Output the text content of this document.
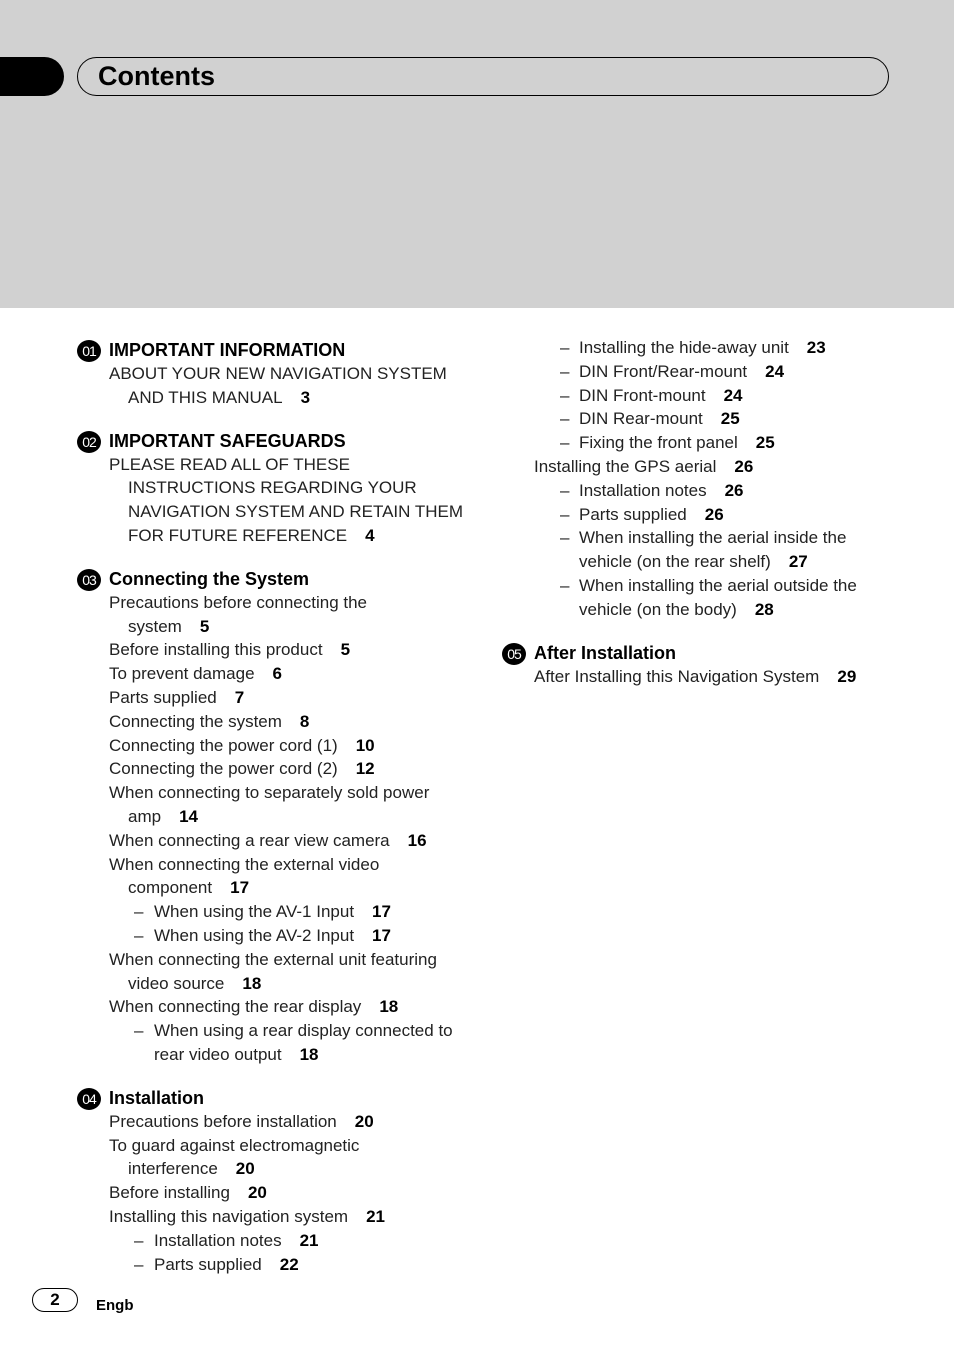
Contents
01 IMPORTANT INFORMATION
ABOUT YOUR NEW NAVIGATION SYSTEM
AND THIS MANUAL 3
02 IMPORTANT SAFEGUARDS
PLEASE READ ALL OF THESE
INSTRUCTIONS REGARDING YOUR
NAVIGATION SYSTEM AND RETAIN THEM
FOR FUTURE REFERENCE 4
03 Connecting the System
Precautions before connecting the
system 5
Before installing this product 5
To prevent damage 6
Parts supplied 7
Connecting the system 8
Connecting the power cord (1) 10
Connecting the power cord (2) 12
When connecting to separately sold power
amp 14
When connecting a rear view camera 16
When connecting the external video
component 17
– When using the AV-1 Input 17
– When using the AV-2 Input 17
When connecting the external unit featuring
video source 18
When connecting the rear display 18
– When using a rear display connected to
rear video output 18
04 Installation
Precautions before installation 20
To guard against electromagnetic
interference 20
Before installing 20
Installing this navigation system 21
– Installation notes 21
– Parts supplied 22
– Installing the hide-away unit 23
– DIN Front/Rear-mount 24
– DIN Front-mount 24
– DIN Rear-mount 25
– Fixing the front panel 25
Installing the GPS aerial 26
– Installation notes 26
– Parts supplied 26
– When installing the aerial inside the
vehicle (on the rear shelf) 27
– When installing the aerial outside the
vehicle (on the body) 28
05 After Installation
After Installing this Navigation System 29
2	Engb
